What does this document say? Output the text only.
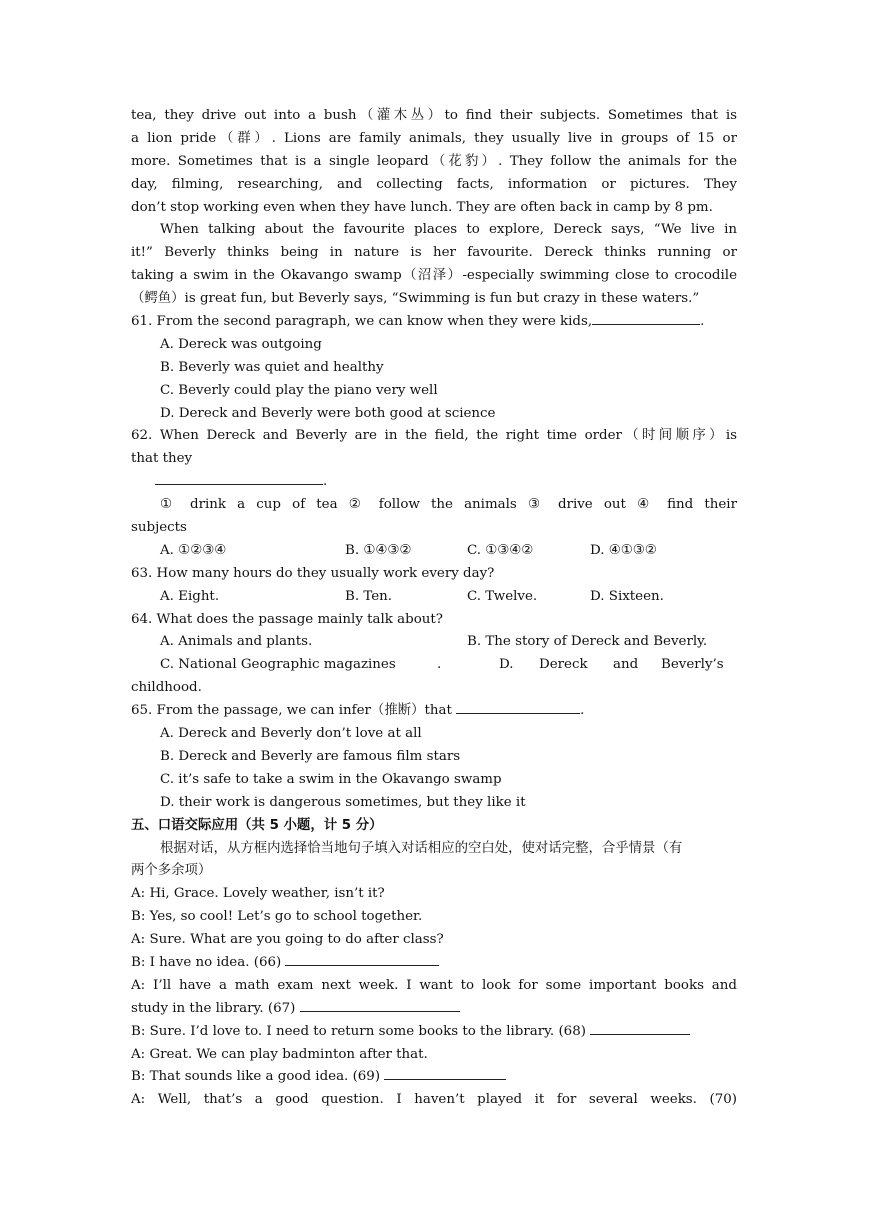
tea, they drive out into a bush（灌木丛）to find their subjects. Sometimes that is
a lion pride（群）. Lions are family animals, they usually live in groups of 15 or
more. Sometimes that is a single leopard（花豹）. They follow the animals for the
day, filming, researching, and collecting facts, information or pictures. They
don’t stop working even when they have lunch. They are often back in camp by 8 pm.
When talking about the favourite places to explore, Dereck says, “We live in
it!” Beverly thinks being in nature is her favourite. Dereck thinks running or
taking a swim in the Okavango swamp（沼泽）-especially swimming close to crocodile
（鳄鱼）is great fun, but Beverly says, “Swimming is fun but crazy in these waters.”
61. From the second paragraph, we can know when they were kids,	.
A. Dereck was outgoing
B. Beverly was quiet and healthy
C. Beverly could play the piano very well
D. Dereck and Beverly were both good at science
62. When Dereck and Beverly are in the field, the right time order（时间顺序）is
that they
.
① drink a cup of tea ② follow the animals ③ drive out ④ find their
subjects
A. ①②③④	B. ①④③②	C. ①③④②	D. ④①③②
63. How many hours do they usually work every day?
A. Eight.	B. Ten.	C. Twelve.	D. Sixteen.
64. What does the passage mainly talk about?
A. Animals and plants.	B. The story of Dereck and Beverly.
C. National Geographic magazines	.	D.	Dereck	and	Beverly’s
childhood.
65. From the passage, we can infer（推断）that	.
A. Dereck and Beverly don’t love at all
B. Dereck and Beverly are famous film stars
C. it’s safe to take a swim in the Okavango swamp
D. their work is dangerous sometimes, but they like it
五、口语交际应用（共 5 小题，计 5 分）
根据对话，从方框内选择恰当地句子填入对话相应的空白处，使对话完整，合乎情景（有
两个多余项）
A: Hi, Grace. Lovely weather, isn’t it?
B: Yes, so cool! Let’s go to school together.
A: Sure. What are you going to do after class?
B: I have no idea. (66)
A: I’ll have a math exam next week. I want to look for some important books and
study in the library. (67)
B: Sure. I’d love to. I need to return some books to the library. (68)
A: Great. We can play badminton after that.
B: That sounds like a good idea. (69)
A: Well, that’s a good question. I haven’t played it for several weeks. (70)
